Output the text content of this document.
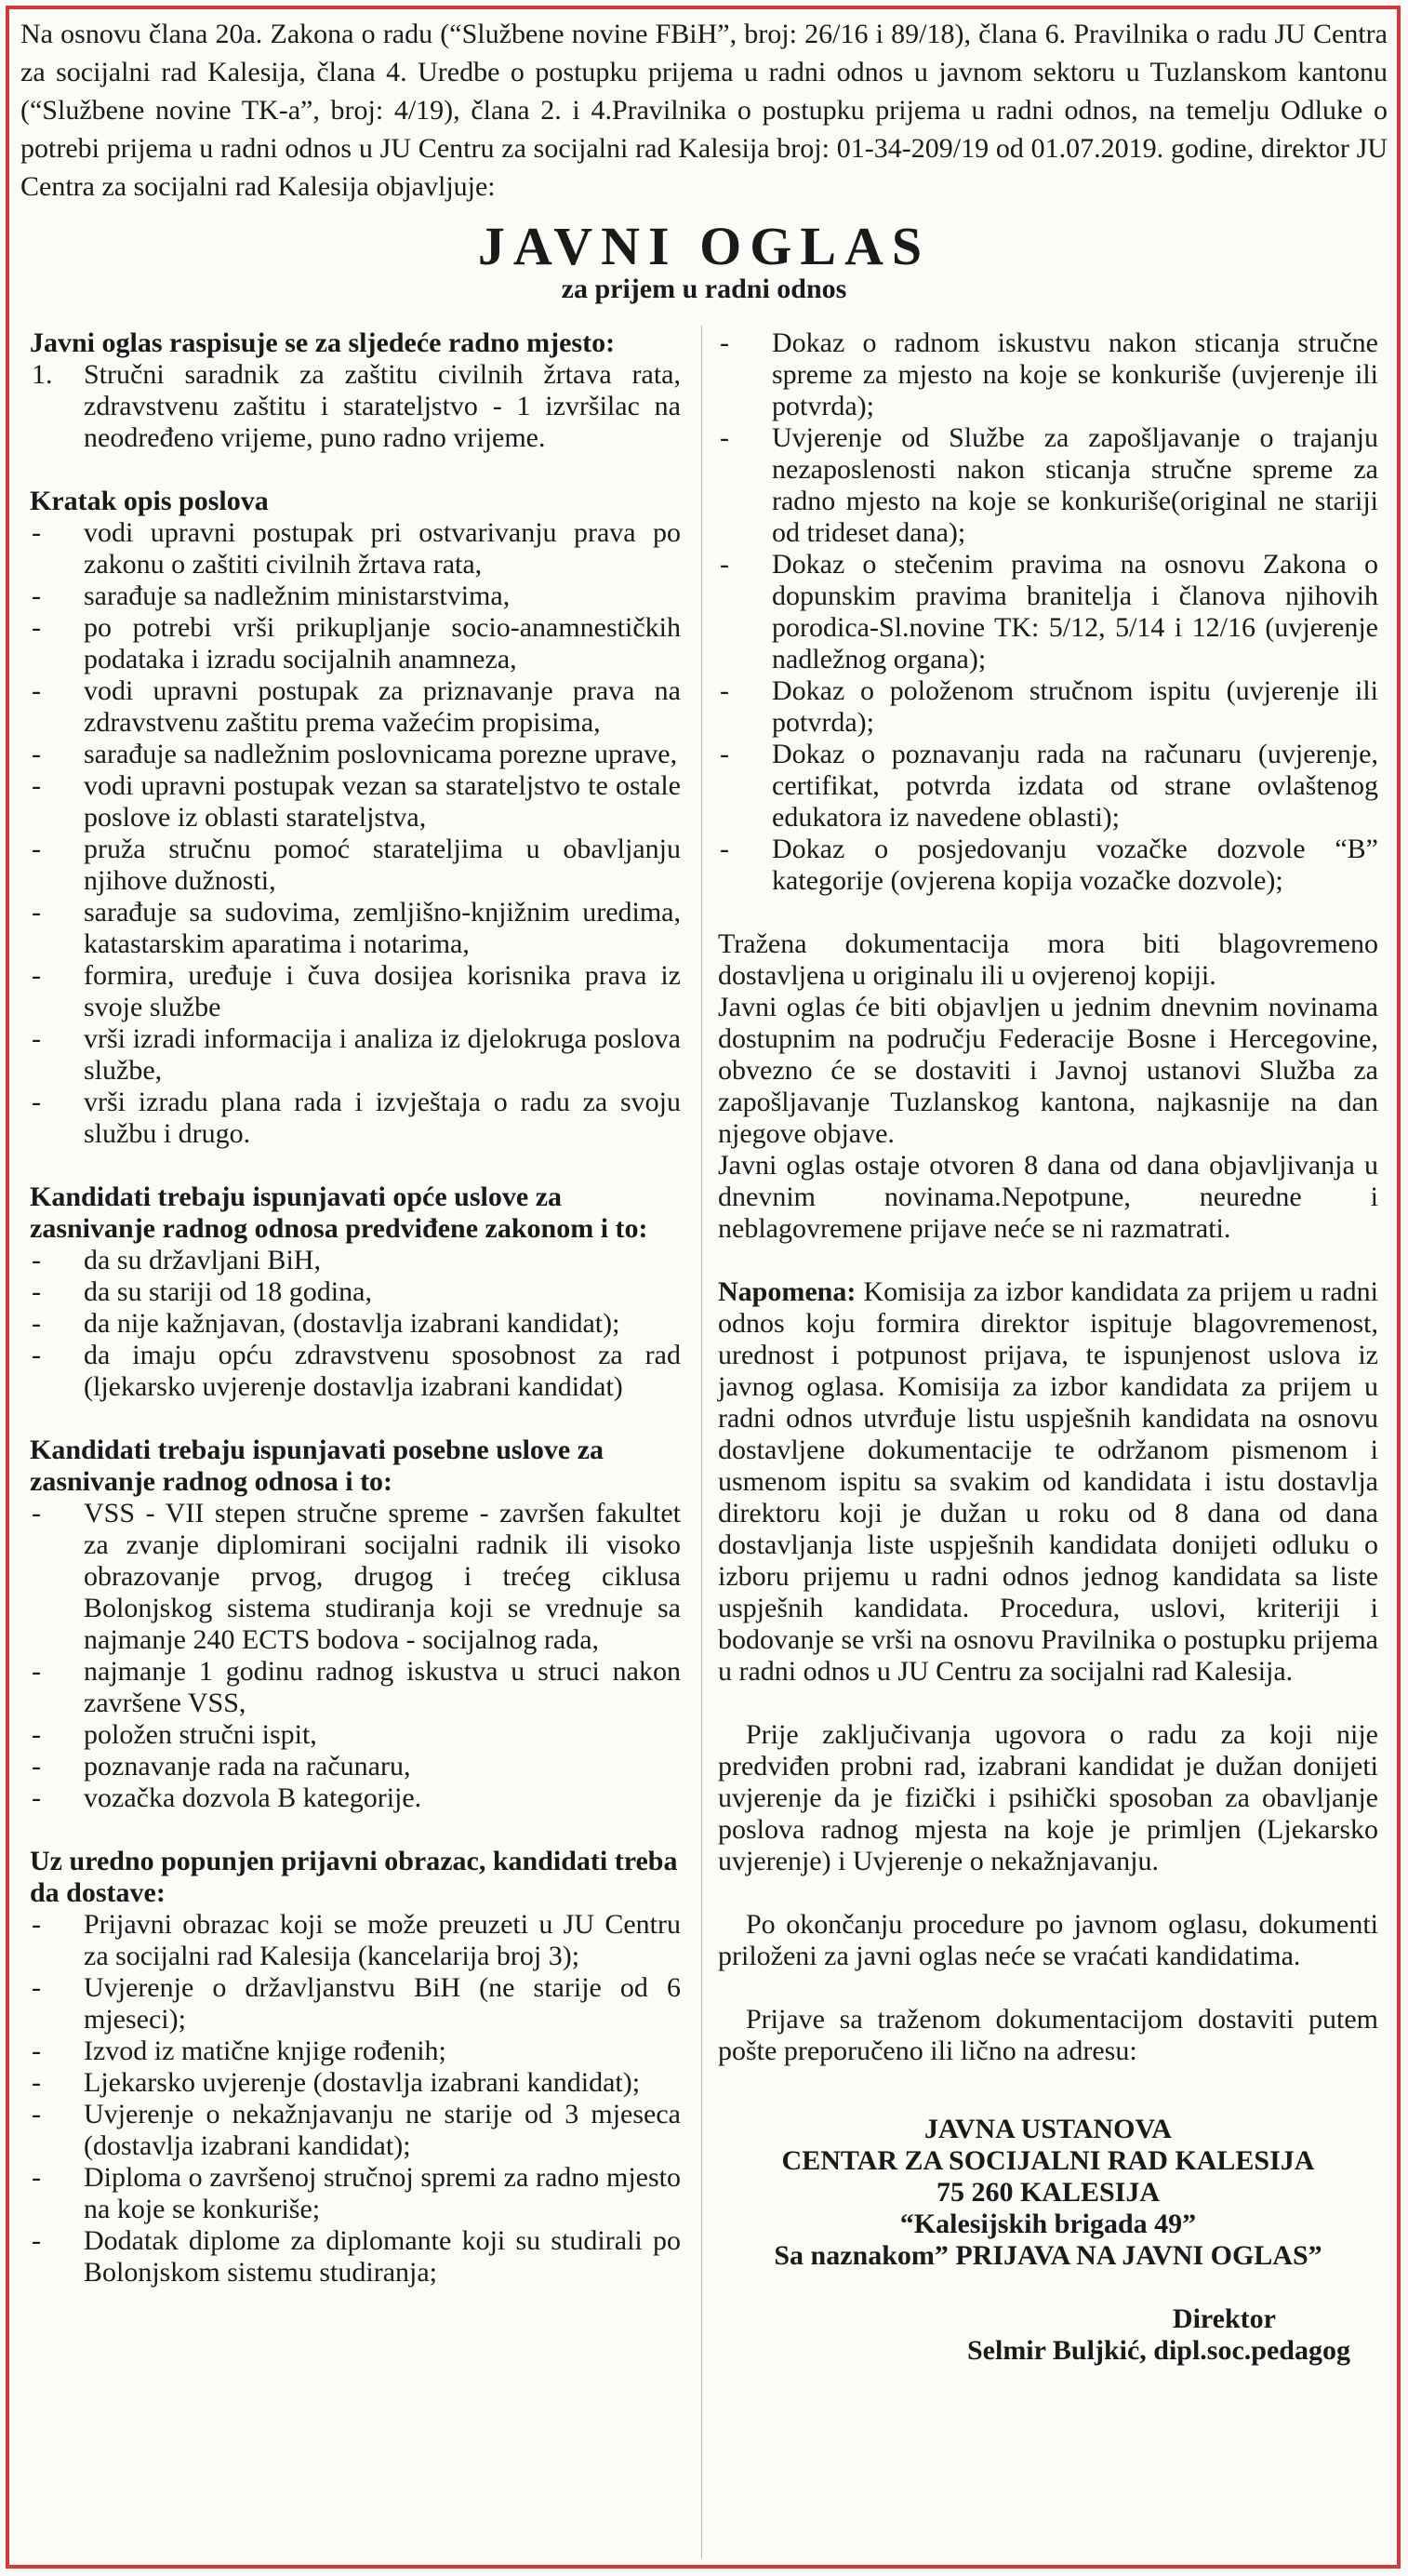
Na osnovu člana 20a. Zakona o radu (“Službene novine FBiH”, broj: 26/16 i 89/18), člana 6. Pravilnika o radu JU Centra za socijalni rad Kalesija, člana 4. Uredbe o postupku prijema u radni odnos u javnom sektoru u Tuzlanskom kantonu (“Službene novine TK-a”, broj: 4/19), člana 2. i 4.Pravilnika o postupku prijema u radni odnos, na temelju Odluke o potrebi prijema u radni odnos u JU Centru za socijalni rad Kalesija broj: 01-34-209/19 od 01.07.2019. godine, direktor JU Centra za socijalni rad Kalesija objavljuje:
JAVNI OGLAS
za prijem u radni odnos
Javni oglas raspisuje se za sljedeće radno mjesto:
1. Stručni saradnik za zaštitu civilnih žrtava rata, zdravstvenu zaštitu i starateljstvo - 1 izvršilac na neodređeno vrijeme, puno radno vrijeme.
Kratak opis poslova
- vodi upravni postupak pri ostvarivanju prava po zakonu o zaštiti civilnih žrtava rata,
- sarađuje sa nadležnim ministarstvima,
- po potrebi vrši prikupljanje socio-anamnestičkih podataka i izradu socijalnih anamneza,
- vodi upravni postupak za priznavanje prava na zdravstvenu zaštitu prema važećim propisima,
- sarađuje sa nadležnim poslovnicama porezne uprave,
- vodi upravni postupak vezan sa starateljstvo te ostale poslove iz oblasti starateljstva,
- pruža stručnu pomoć starateljima u obavljanju njihove dužnosti,
- sarađuje sa sudovima, zemljišno-knjižnim uredima, katastarskim aparatima i notarima,
- formira, uređuje i čuva dosijea korisnika prava iz svoje službe
- vrši izradi informacija i analiza iz djelokruga poslova službe,
- vrši izradu plana rada i izvještaja o radu za svoju službu i drugo.
Kandidati trebaju ispunjavati opće uslove za zasnivanje radnog odnosa predviđene zakonom i to:
- da su državljani BiH,
- da su stariji od 18 godina,
- da nije kažnjavan, (dostavlja izabrani kandidat);
- da imaju opću zdravstvenu sposobnost za rad (ljekarsko uvjerenje dostavlja izabrani kandidat)
Kandidati trebaju ispunjavati posebne uslove za zasnivanje radnog odnosa i to:
- VSS - VII stepen stručne spreme - završen fakultet za zvanje diplomirani socijalni radnik ili visoko obrazovanje prvog, drugog i trećeg ciklusa Bolonjskog sistema studiranja koji se vrednuje sa najmanje 240 ECTS bodova - socijalnog rada,
- najmanje 1 godinu radnog iskustva u struci nakon završene VSS,
- položen stručni ispit,
- poznavanje rada na računaru,
- vozačka dozvola B kategorije.
Uz uredno popunjen prijavni obrazac, kandidati treba da dostave:
- Prijavni obrazac koji se može preuzeti u JU Centru za socijalni rad Kalesija (kancelarija broj 3);
- Uvjerenje o državljanstvu BiH (ne starije od 6 mjeseci);
- Izvod iz matične knjige rođenih;
- Ljekarsko uvjerenje (dostavlja izabrani kandidat);
- Uvjerenje o nekažnjavanju ne starije od 3 mjeseca (dostavlja izabrani kandidat);
- Diploma o završenoj stručnoj spremi za radno mjesto na koje se konkuriše;
- Dodatak diplome za diplomante koji su studirali po Bolonjskom sistemu studiranja;
- Dokaz o radnom iskustvu nakon sticanja stručne spreme za mjesto na koje se konkuriše (uvjerenje ili potvrda);
- Uvjerenje od Službe za zapošljavanje o trajanju nezaposlenosti nakon sticanja stručne spreme za radno mjesto na koje se konkuriše(original ne stariji od trideset dana);
- Dokaz o stečenim pravima na osnovu Zakona o dopunskim pravima branitelja i članova njihovih porodica-Sl.novine TK: 5/12, 5/14 i 12/16 (uvjerenje nadležnog organa);
- Dokaz o položenom stručnom ispitu (uvjerenje ili potvrda);
- Dokaz o poznavanju rada na računaru (uvjerenje, certifikat, potvrda izdata od strane ovlaštenog edukatora iz navedene oblasti);
- Dokaz o posjedovanju vozačke dozvole “B” kategorije (ovjerena kopija vozačke dozvole);
Tražena dokumentacija mora biti blagovremeno dostavljena u originalu ili u ovjerenoj kopiji.
Javni oglas će biti objavljen u jednim dnevnim novinama dostupnim na području Federacije Bosne i Hercegovine, obvezno će se dostaviti i Javnoj ustanovi Služba za zapošljavanje Tuzlanskog kantona, najkasnije na dan njegove objave.
Javni oglas ostaje otvoren 8 dana od dana objavljivanja u dnevnim novinama.Nepotpune, neuredne i neblagovremene prijave neće se ni razmatrati.
Napomena: Komisija za izbor kandidata za prijem u radni odnos koju formira direktor ispituje blagovremenost, urednost i potpunost prijava, te ispunjenost uslova iz javnog oglasa. Komisija za izbor kandidata za prijem u radni odnos utvrđuje listu uspješnih kandidata na osnovu dostavljene dokumentacije te održanom pismenom i usmenom ispitu sa svakim od kandidata i istu dostavlja direktoru koji je dužan u roku od 8 dana od dana dostavljanja liste uspješnih kandidata donijeti odluku o izboru prijemu u radni odnos jednog kandidata sa liste uspješnih kandidata. Procedura, uslovi, kriteriji i bodovanje se vrši na osnovu Pravilnika o postupku prijema u radni odnos u JU Centru za socijalni rad Kalesija.
Prije zaključivanja ugovora o radu za koji nije predviđen probni rad, izabrani kandidat je dužan donijeti uvjerenje da je fizički i psihički sposoban za obavljanje poslova radnog mjesta na koje je primljen (Ljekarsko uvjerenje) i Uvjerenje o nekažnjavanju.
Po okončanju procedure po javnom oglasu, dokumenti priloženi za javni oglas neće se vraćati kandidatima.
Prijave sa traženom dokumentacijom dostaviti putem pošte preporučeno ili lično na adresu:
JAVNA USTANOVA
CENTAR ZA SOCIJALNI RAD KALESIJA
75 260 KALESIJA
“Kalesijskih brigada 49”
Sa naznakom” PRIJAVA NA JAVNI OGLAS”
Direktor
Selmir Buljkić, dipl.soc.pedagog
